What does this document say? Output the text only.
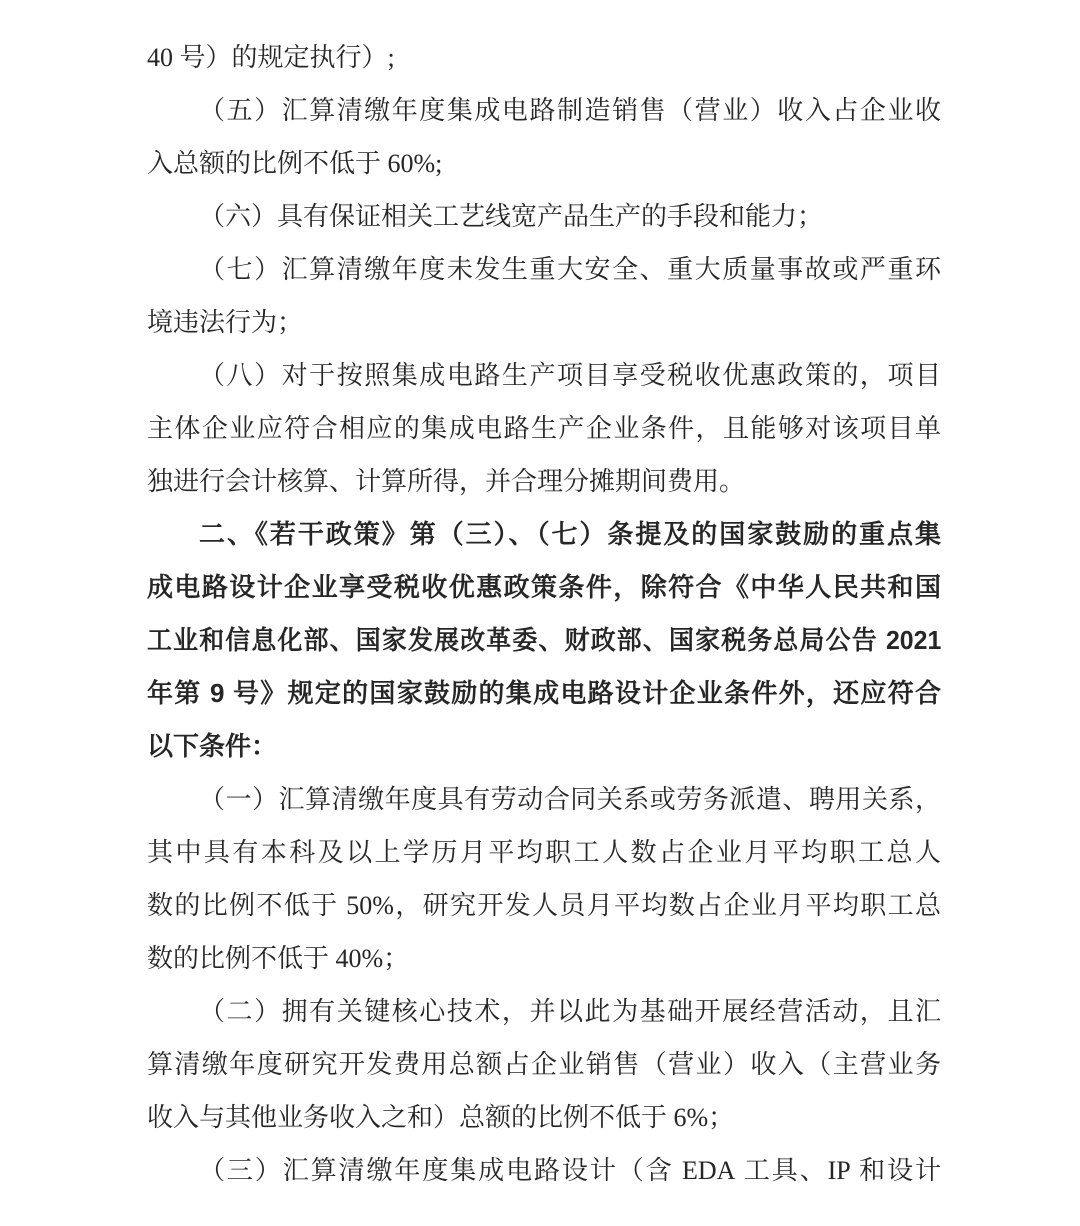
40 号）的规定执行）;
（五）汇算清缴年度集成电路制造销售（营业）收入占企业收
入总额的比例不低于 60%;
（六）具有保证相关工艺线宽产品生产的手段和能力；
（七）汇算清缴年度未发生重大安全、重大质量事故或严重环
境违法行为；
（八）对于按照集成电路生产项目享受税收优惠政策的，项目
主体企业应符合相应的集成电路生产企业条件，且能够对该项目单
独进行会计核算、计算所得，并合理分摊期间费用。
二、《若干政策》第（三）、（七）条提及的国家鼓励的重点集
成电路设计企业享受税收优惠政策条件，除符合《中华人民共和国
工业和信息化部、国家发展改革委、财政部、国家税务总局公告 2021
年第 9 号》规定的国家鼓励的集成电路设计企业条件外，还应符合
以下条件：
（一）汇算清缴年度具有劳动合同关系或劳务派遣、聘用关系，
其中具有本科及以上学历月平均职工人数占企业月平均职工总人
数的比例不低于 50%，研究开发人员月平均数占企业月平均职工总
数的比例不低于 40%；
（二）拥有关键核心技术，并以此为基础开展经营活动，且汇
算清缴年度研究开发费用总额占企业销售（营业）收入（主营业务
收入与其他业务收入之和）总额的比例不低于 6%；
（三）汇算清缴年度集成电路设计（含 EDA 工具、IP 和设计
